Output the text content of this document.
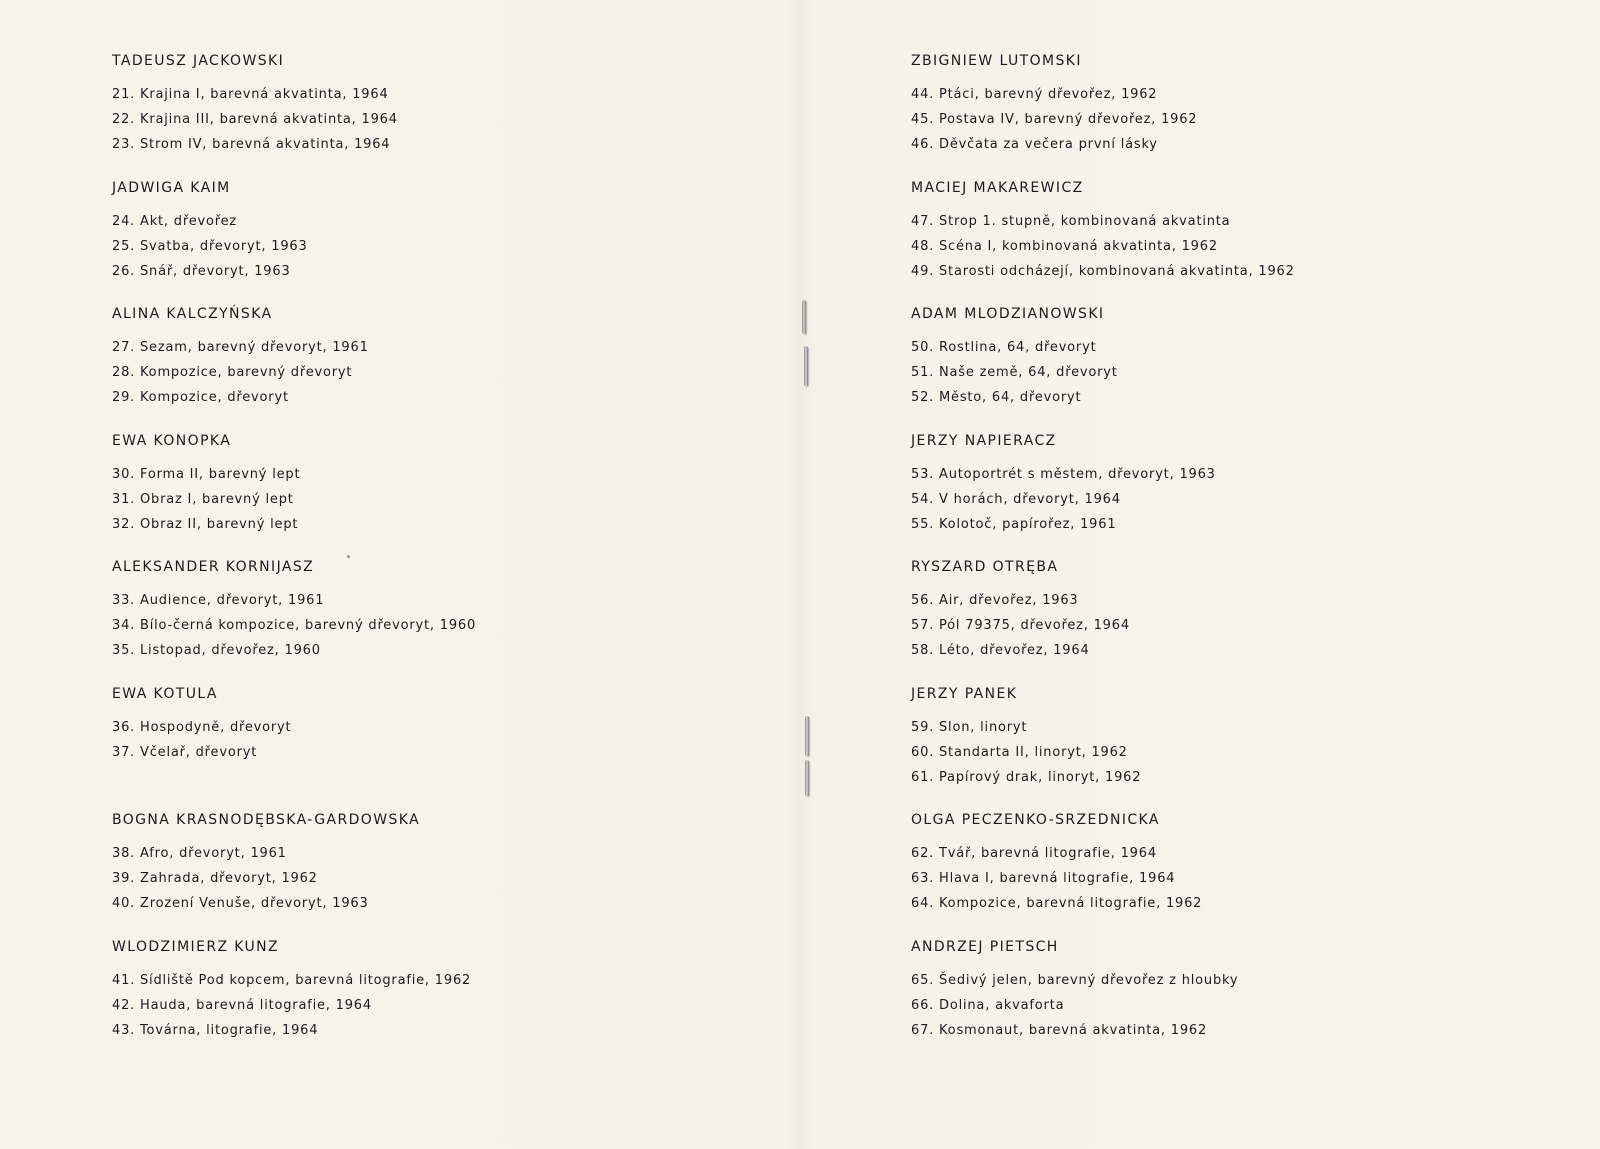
TADEUSZ JACKOWSKI
21. Krajina I, barevná akvatinta, 1964
22. Krajina III, barevná akvatinta, 1964
23. Strom IV, barevná akvatinta, 1964
JADWIGA KAIM
24. Akt, dřevořez
25. Svatba, dřevoryt, 1963
26. Snář, dřevoryt, 1963
ALINA KALCZYŃSKA
27. Sezam, barevný dřevoryt, 1961
28. Kompozice, barevný dřevoryt
29. Kompozice, dřevoryt
EWA KONOPKA
30. Forma II, barevný lept
31. Obraz I, barevný lept
32. Obraz II, barevný lept
ALEKSANDER KORNIJASZ
33. Audience, dřevoryt, 1961
34. Bílo-černá kompozice, barevný dřevoryt, 1960
35. Listopad, dřevořez, 1960
EWA KOTULA
36. Hospodyně, dřevoryt
37. Včelař, dřevoryt
BOGNA KRASNODĘBSKA-GARDOWSKA
38. Afro, dřevoryt, 1961
39. Zahrada, dřevoryt, 1962
40. Zrození Venuše, dřevoryt, 1963
WLODZIMIERZ KUNZ
41. Sídliště Pod kopcem, barevná litografie, 1962
42. Hauda, barevná litografie, 1964
43. Továrna, litografie, 1964
ZBIGNIEW LUTOMSKI
44. Ptáci, barevný dřevořez, 1962
45. Postava IV, barevný dřevořez, 1962
46. Děvčata za večera první lásky
MACIEJ MAKAREWICZ
47. Strop 1. stupně, kombinovaná akvatinta
48. Scéna I, kombinovaná akvatinta, 1962
49. Starosti odcházejí, kombinovaná akvatinta, 1962
ADAM MLODZIANOWSKI
50. Rostlina, 64, dřevoryt
51. Naše země, 64, dřevoryt
52. Město, 64, dřevoryt
JERZY NAPIERACZ
53. Autoportrét s městem, dřevoryt, 1963
54. V horách, dřevoryt, 1964
55. Kolotoč, papírořez, 1961
RYSZARD OTRĘBA
56. Air, dřevořez, 1963
57. Pól 79375, dřevořez, 1964
58. Léto, dřevořez, 1964
JERZY PANEK
59. Slon, linoryt
60. Standarta II, linoryt, 1962
61. Papírový drak, linoryt, 1962
OLGA PECZENKO-SRZEDNICKA
62. Tvář, barevná litografie, 1964
63. Hlava I, barevná litografie, 1964
64. Kompozice, barevná litografie, 1962
ANDRZEJ PIETSCH
65. Šedivý jelen, barevný dřevořez z hloubky
66. Dolina, akvaforta
67. Kosmonaut, barevná akvatinta, 1962
